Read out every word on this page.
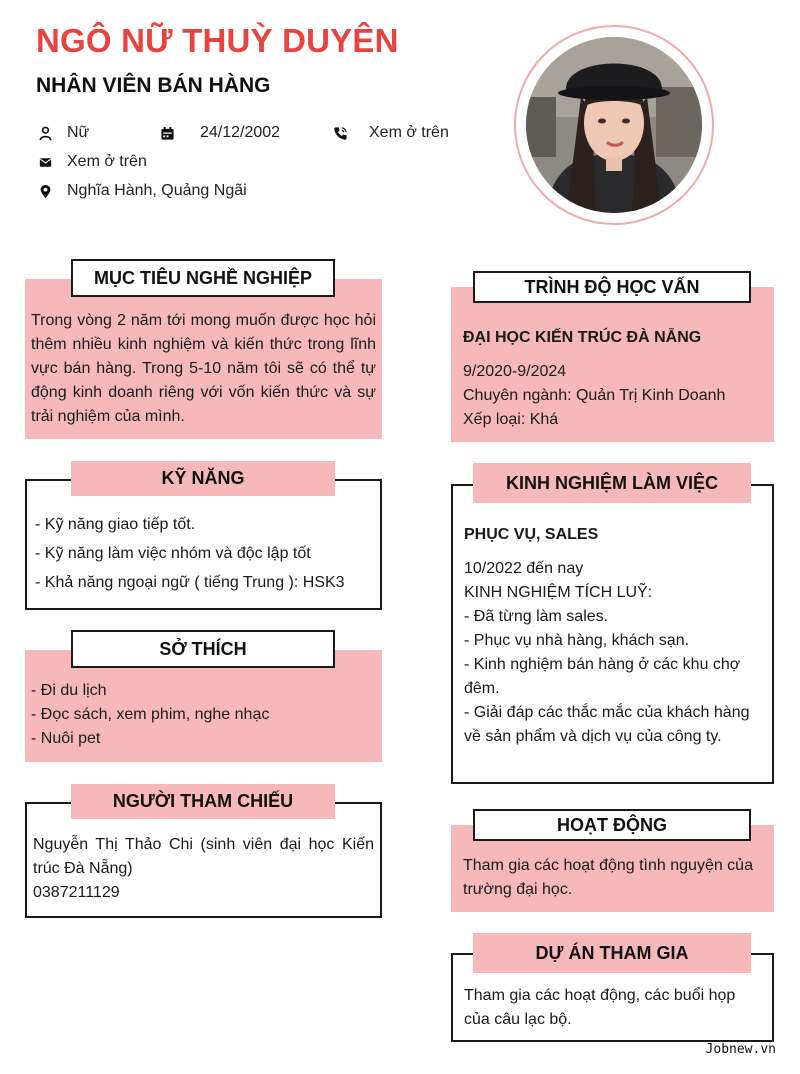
NGÔ NỮ THUỲ DUYÊN
NHÂN VIÊN BÁN HÀNG
Nữ	24/12/2002	Xem ở trên
Xem ở trên
Nghĩa Hành, Quảng Ngãi
MỤC TIÊU NGHỀ NGHIỆP
Trong vòng 2 năm tới mong muốn được học hỏi thêm nhiều kinh nghiệm và kiến thức trong lĩnh vực bán hàng. Trong 5-10 năm tôi sẽ có thể tự động kinh doanh riêng với vốn kiến thức và sự trải nghiệm của mình.
KỸ NĂNG
- Kỹ năng giao tiếp tốt.
- Kỹ năng làm việc nhóm và độc lập tốt
- Khả năng ngoại ngữ ( tiếng Trung ): HSK3
SỞ THÍCH
- Đi du lịch
- Đọc sách, xem phim, nghe nhạc
- Nuôi pet
NGƯỜI THAM CHIẾU
Nguyễn Thị Thảo Chi (sinh viên đại học Kiến trúc Đà Nẵng)
0387211129
TRÌNH ĐỘ HỌC VẤN
ĐẠI HỌC KIẾN TRÚC ĐÀ NẴNG
9/2020-9/2024
Chuyên ngành: Quản Trị Kinh Doanh
Xếp loại: Khá
KINH NGHIỆM LÀM VIỆC
PHỤC VỤ, SALES
10/2022 đến nay
KINH NGHIỆM TÍCH LUỸ:
- Đã từng làm sales.
- Phục vụ nhà hàng, khách sạn.
- Kinh nghiệm bán hàng ở các khu chợ đêm.
- Giải đáp các thắc mắc của khách hàng về sản phẩm và dịch vụ của công ty.
HOẠT ĐỘNG
Tham gia các hoạt động tình nguyện của trường đại học.
DỰ ÁN THAM GIA
Tham gia các hoạt động, các buổi họp của câu lạc bộ.
Jobnew.vn
